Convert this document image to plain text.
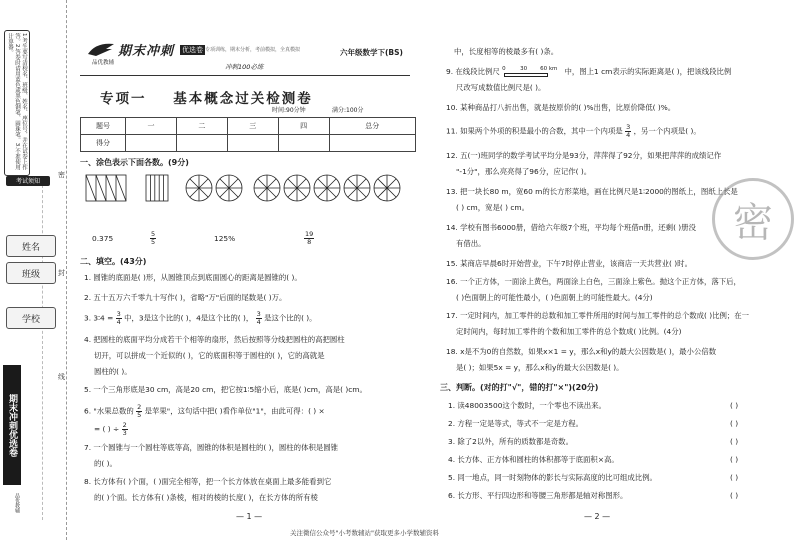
1.考生要写清校名、班级、姓名、座位号，并在试卷上作答。2.答卷时请用蓝色或黑色钢笔、圆珠笔。3.不准使用计算器。
考试须知
姓名
班级
学校
密
封
线
期末冲刺优选卷
品优教辅
期末冲刺 优选卷
品优教辅
专项训练，期末分析，考前模拟，全真模拟	六年级数学下(BS)
冲刺100必练
专项一    基本概念过关检测卷
时间:90分钟	满分:100分
题号	一	二	三	四	总分
得分					
一、涂色表示下面各数。(9分)
0.375	$\frac{5}{5}$	125%	$\frac{19}{8}$
二、填空。(43分)
1. 圆锥的底面是( )形，从圆锥顶点到底面圆心的距离是圆锥的( )。
2. 五十五万六千零九十写作( )，省略"万"后面的尾数是( )万。
3. 3∶4 = $\frac{3}{4}$ 中，3是这个比的( )，4是这个比的( )， $\frac{3}{4}$ 是这个比的( )。
4. 把圆柱的底面平均分成若干个相等的扇形，然后按照等分线把圆柱的高把圆柱
切开，可以拼成一个近似的( )，它的底面积等于圆柱的( )，它的高就是
圆柱的( )。
5. 一个三角形底是30 cm，高是20 cm，把它按1∶5缩小后，底是( )cm，高是( )cm。
6. "水果总数的 $\frac{2}{5}$ 是苹果"，这句话中把( )看作单位"1"，由此可得：( ) ×
= ( ) ÷ $\frac{2}{3}$
7. 一个圆锥与一个圆柱等底等高，圆锥的体积是圆柱的( )，圆柱的体积是圆锥
的( )。
8. 长方体有( )个面，( )面完全相等，把一个长方体放在桌面上最多能看到它
的( )个面。长方体有( )条棱，相对的棱的长度( )，在长方体的所有棱
— 1 —
中，长度相等的棱最多有( )条。
9. 在线段比例尺 0	30 60 km 中，图上1 cm表示的实际距离是( )，把该线段比例
尺改写成数值比例尺是( )。
10. 某种商品打八折出售，就是按原价的( )%出售，比原价降低( )%。
11. 如果两个外项的积是最小的合数，其中一个内项是 $\frac{3}{4}$ ，另一个内项是( )。
12. 五(一)班同学的数学考试平均分是93分，萍萍得了92分，如果把萍萍的成绩记作
"-1分"，那么亮亮得了96分，应记作( )。
13. 把一块长80 m，宽60 m的长方形菜地，画在比例尺是1∶2000的图纸上，图纸上长是
( ) cm，宽是( ) cm。
14. 学校有图书6000册，借给六年级7个班，平均每个班借n册，还剩( )册没
有借出。
15. 某商店早晨6时开始营业，下午7时停止营业，该商店一天共营业( )时。
16. 一个正方体，一面涂上黄色，两面涂上白色，三面涂上紫色。抛这个正方体，落下后，
( )色面朝上的可能性最小，( )色面朝上的可能性最大。(4分)
17. 一定时间内，加工零件的总数和加工零件所用的时间与加工零件的总个数成( )比例；在一
定时间内，每时加工零件的个数和加工零件的总个数成( )比例。(4分)
18. x是不为0的自然数，如果x×1 = y，那么x和y的最大公因数是( )，最小公倍数
是( )；如果5x = y，那么x和y的最大公因数是( )。
三、判断。(对的打"√"，错的打"×")(20分)
1. 读48003500这个数时，一个零也不读出来。
2. 方程一定是等式，等式不一定是方程。
3. 除了2以外，所有的质数都是奇数。
4. 长方体、正方体和圆柱的体积都等于底面积×高。
5. 同一地点，同一时刻物体的影长与实际高度的比可组成比例。
6. 长方形、平行四边形和等腰三角形都是轴对称图形。
( )
( )
( )
( )
( )
( )
— 2 —
密
关注微信公众号"小考数辅站"获取更多小学数辅资料
